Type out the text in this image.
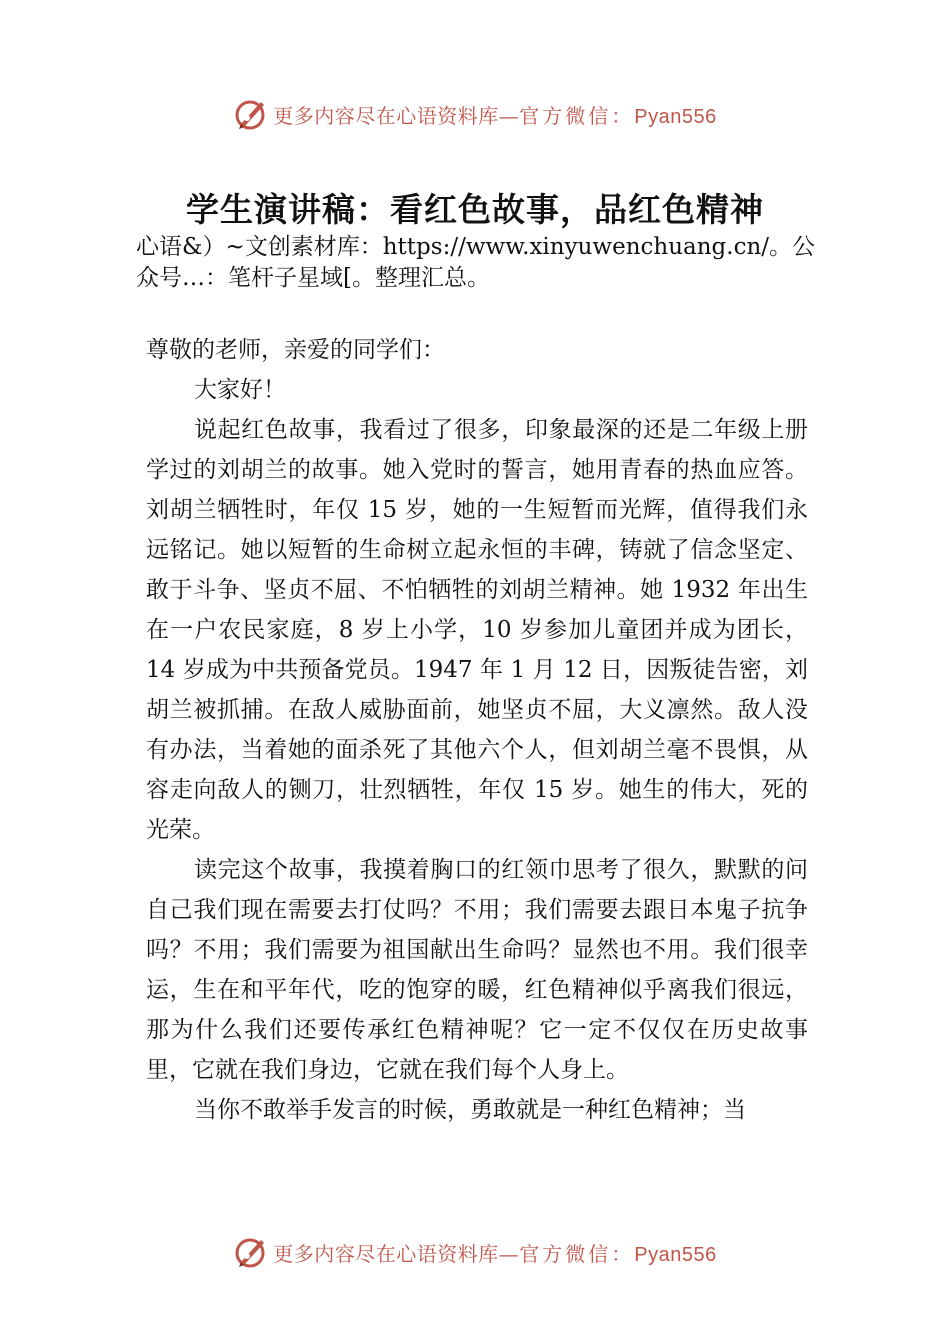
更多内容尽在心语资料库—官方微信：Pyan556
学生演讲稿：看红色故事，品红色精神
心语&）~文创素材库：https://www.xinyuwenchuang.cn/。公众号…：笔杆子星域[。整理汇总。

尊敬的老师，亲爱的同学们：

大家好！

说起红色故事，我看过了很多，印象最深的还是二年级上册学过的刘胡兰的故事。她入党时的誓言，她用青春的热血应答。刘胡兰牺牲时，年仅 15 岁，她的一生短暂而光辉，值得我们永远铭记。她以短暂的生命树立起永恒的丰碑，铸就了信念坚定、敢于斗争、坚贞不屈、不怕牺牲的刘胡兰精神。她 1932 年出生在一户农民家庭，8 岁上小学，10 岁参加儿童团并成为团长，14 岁成为中共预备党员。1947 年 1 月 12 日，因叛徒告密，刘胡兰被抓捕。在敌人威胁面前，她坚贞不屈，大义凛然。敌人没有办法，当着她的面杀死了其他六个人，但刘胡兰毫不畏惧，从容走向敌人的铡刀，壮烈牺牲，年仅 15 岁。她生的伟大，死的光荣。

读完这个故事，我摸着胸口的红领巾思考了很久，默默的问自己我们现在需要去打仗吗？不用；我们需要去跟日本鬼子抗争吗？不用；我们需要为祖国献出生命吗？显然也不用。我们很幸运，生在和平年代，吃的饱穿的暖，红色精神似乎离我们很远，那为什么我们还要传承红色精神呢？它一定不仅仅在历史故事里，它就在我们身边，它就在我们每个人身上。

当你不敢举手发言的时候，勇敢就是一种红色精神；当

更多内容尽在心语资料库—官方微信：Pyan556
